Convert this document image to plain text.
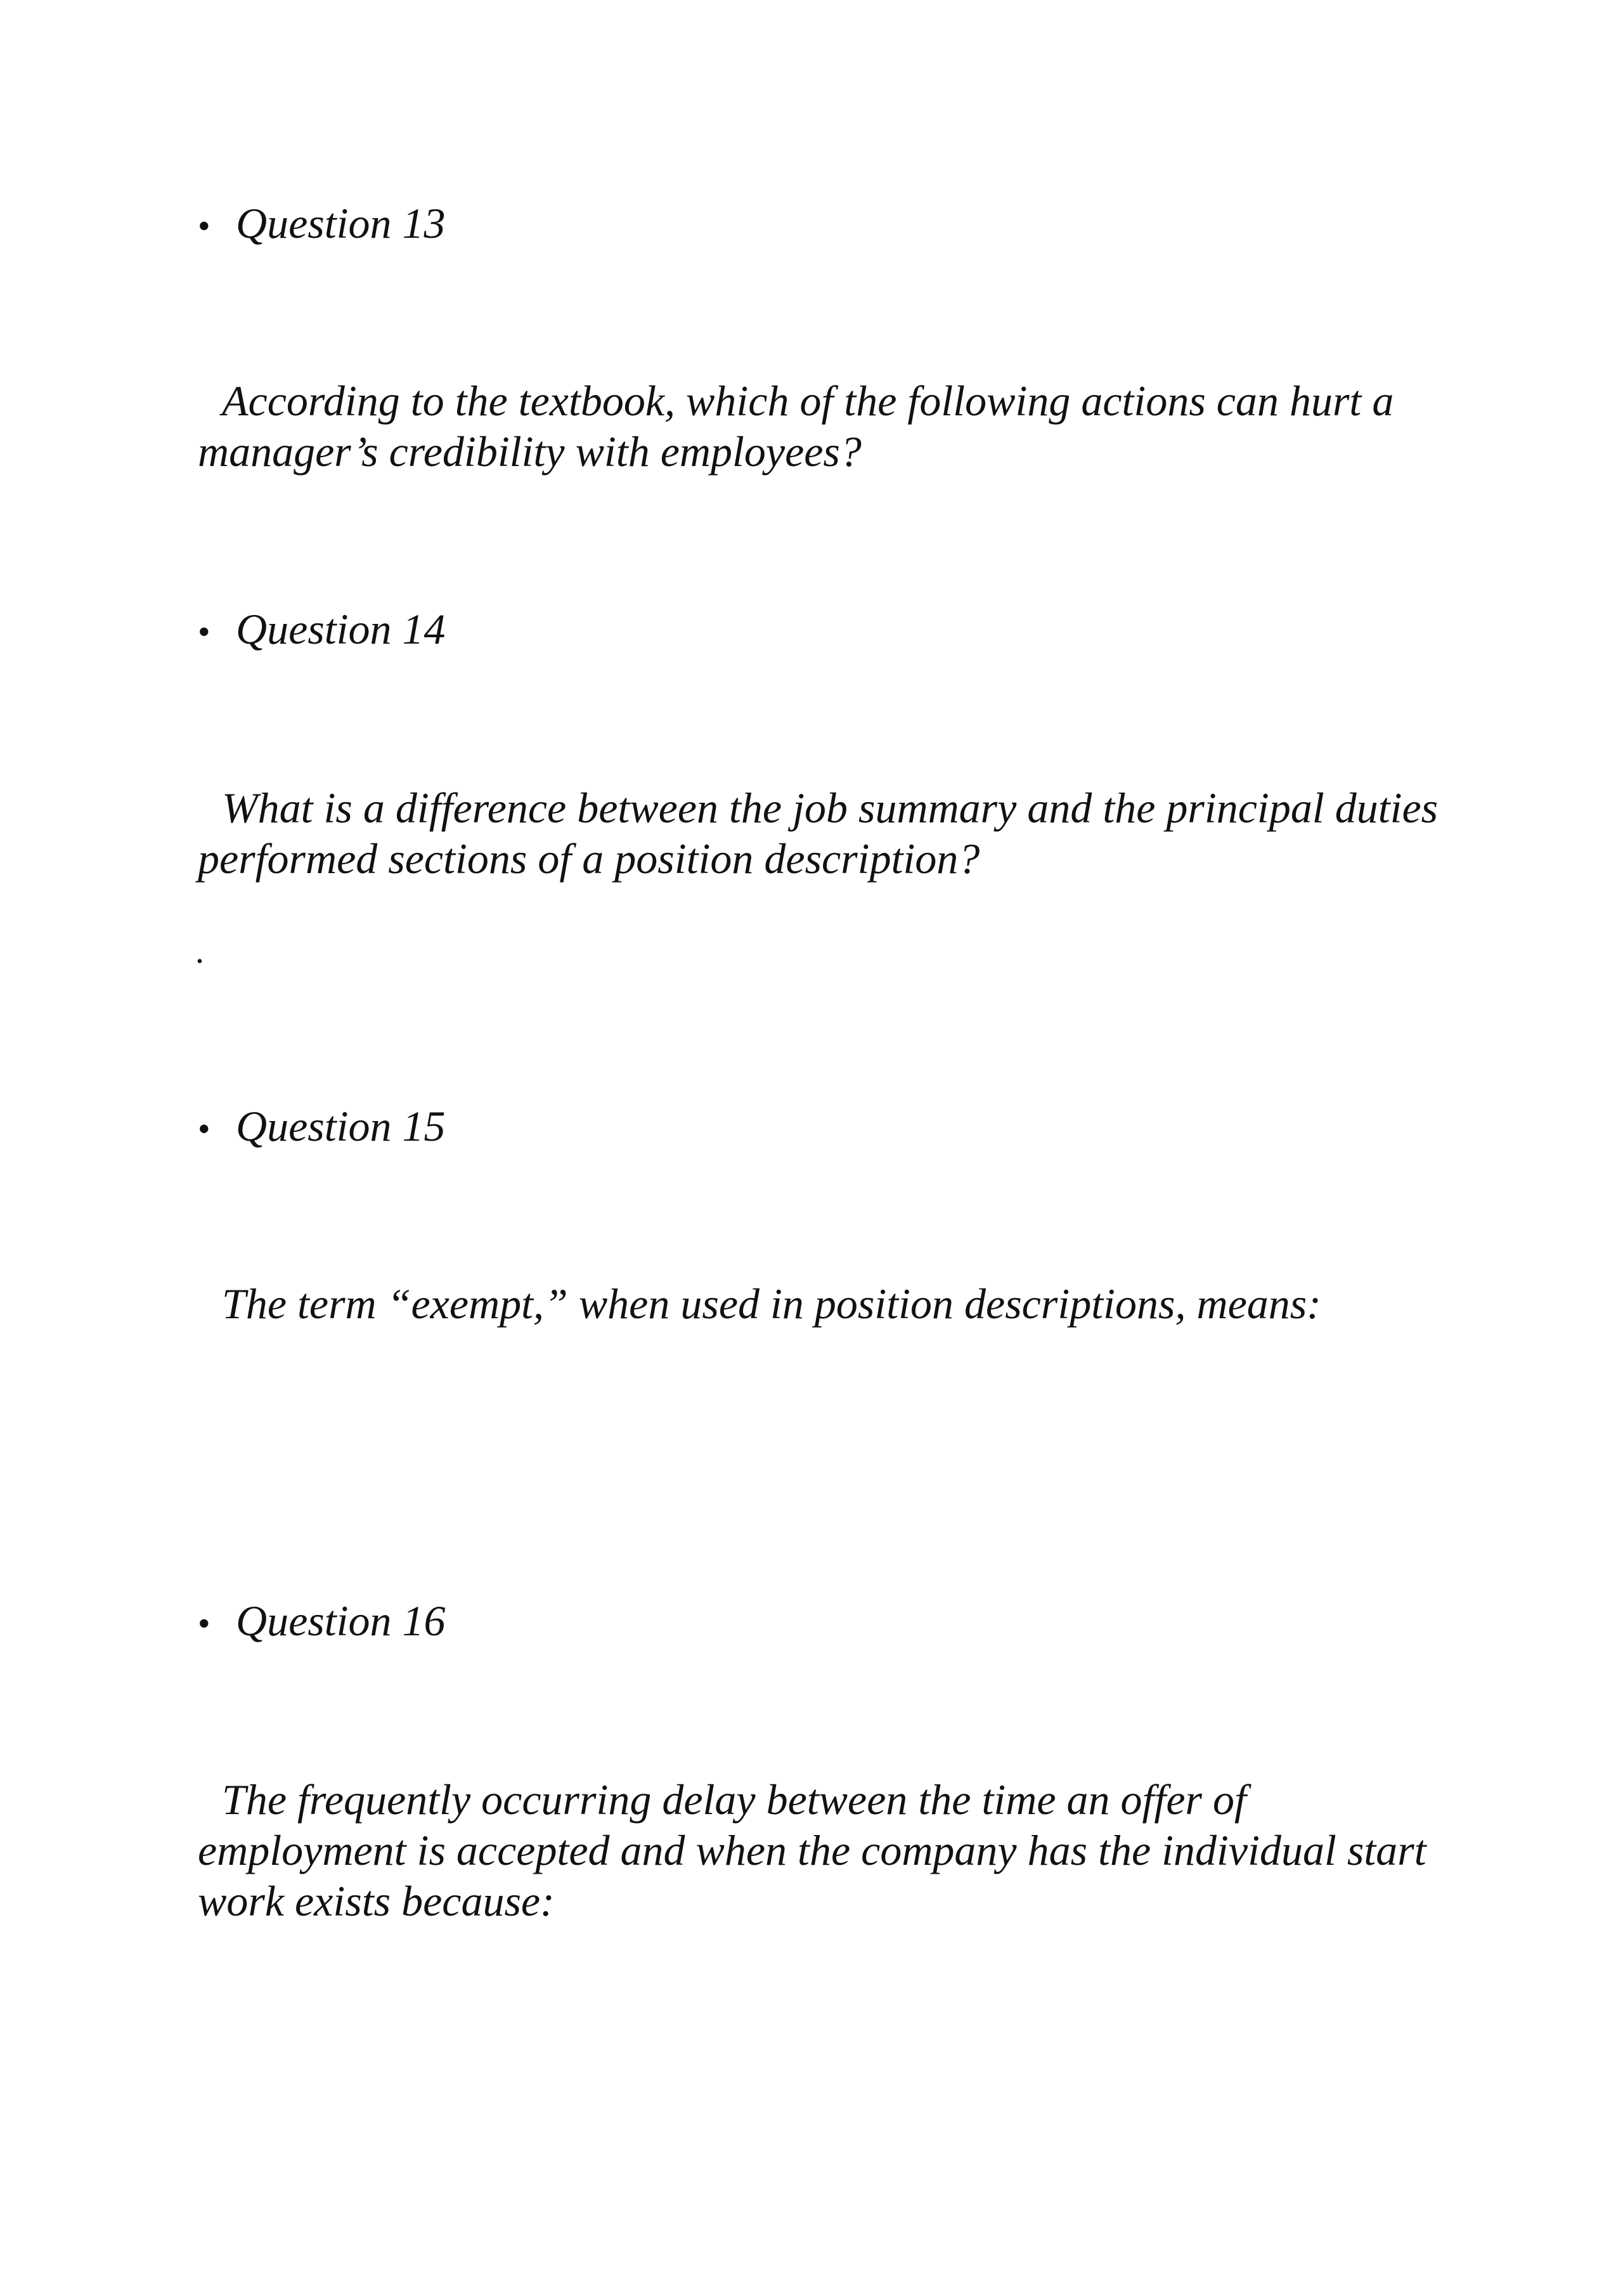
• Question 13

According to the textbook, which of the following actions can hurt a manager’s credibility with employees?

• Question 14

What is a difference between the job summary and the principal duties performed sections of a position description?

.
• Question 15

The term “exempt,” when used in position descriptions, means:

• Question 16

The frequently occurring delay between the time an offer of employment is accepted and when the company has the individual start work exists because:
